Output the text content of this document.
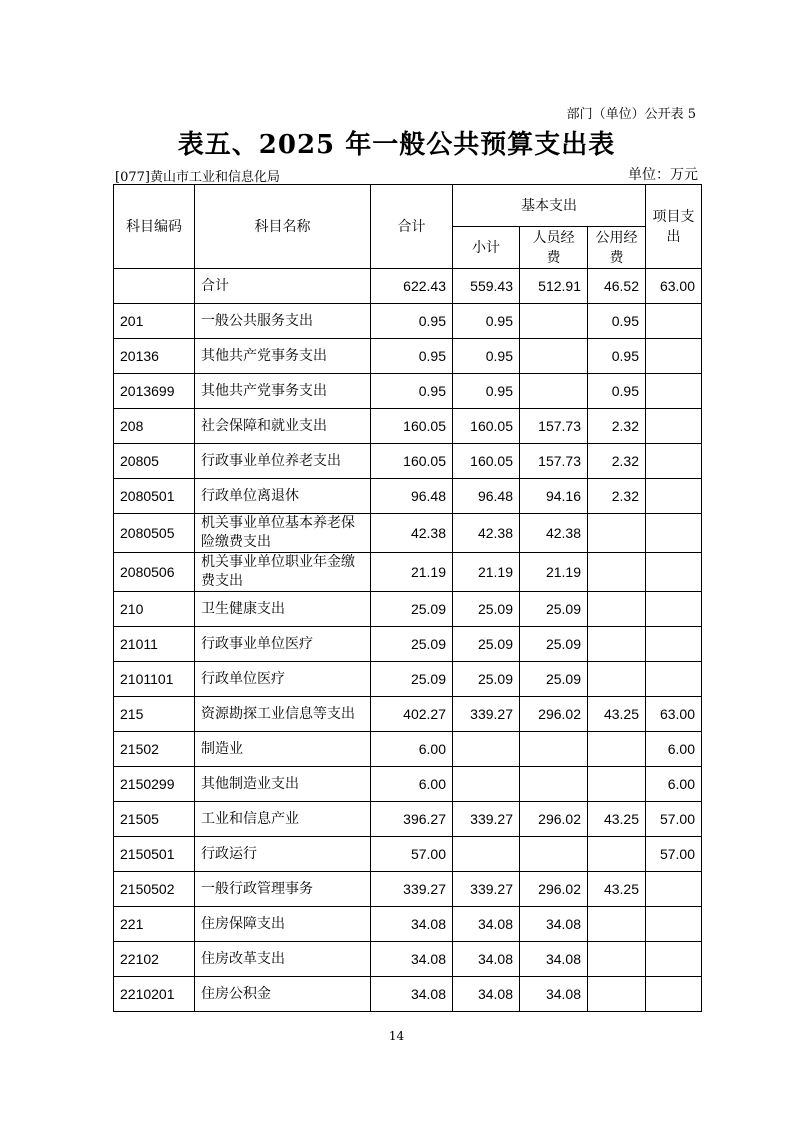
部门（单位）公开表 5
表五、2025 年一般公共预算支出表
[077]黄山市工业和信息化局	单位：万元
科目编码	科目名称	合计	基本支出			项目支出
			小计	人员经费	公用经费	
	合计	622.43	559.43	512.91	46.52	63.00
201	一般公共服务支出	0.95	0.95		0.95	
20136	其他共产党事务支出	0.95	0.95		0.95	
2013699	其他共产党事务支出	0.95	0.95		0.95	
208	社会保障和就业支出	160.05	160.05	157.73	2.32	
20805	行政事业单位养老支出	160.05	160.05	157.73	2.32	
2080501	行政单位离退休	96.48	96.48	94.16	2.32	
2080505	机关事业单位基本养老保险缴费支出	42.38	42.38	42.38		
2080506	机关事业单位职业年金缴费支出	21.19	21.19	21.19		
210	卫生健康支出	25.09	25.09	25.09		
21011	行政事业单位医疗	25.09	25.09	25.09		
2101101	行政单位医疗	25.09	25.09	25.09		
215	资源勘探工业信息等支出	402.27	339.27	296.02	43.25	63.00
21502	制造业	6.00				6.00
2150299	其他制造业支出	6.00				6.00
21505	工业和信息产业	396.27	339.27	296.02	43.25	57.00
2150501	行政运行	57.00				57.00
2150502	一般行政管理事务	339.27	339.27	296.02	43.25	
221	住房保障支出	34.08	34.08	34.08		
22102	住房改革支出	34.08	34.08	34.08		
2210201	住房公积金	34.08	34.08	34.08		
14
